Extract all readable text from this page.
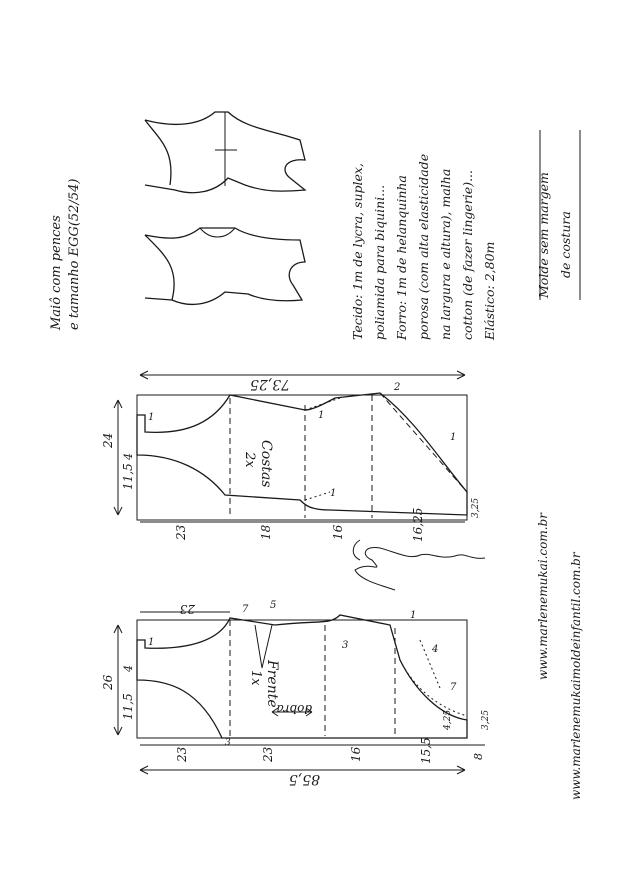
Maiô com pences e tamanho EGG(52/54)	Tecido: 1m de lycra, suplex, poliamida para biquini... Forro: 1m de helanquinha porosa (com alta elasticidade na largura e altura), malha cotton (de fazer lingerie)... Elástico: 2,80m	Molde sem margem de costura
Costas
2x
73,25
24
4
11,5
23	18	16	16,25	3,25
1	1
1
1
2
Frente
1x
dobra
23
26
4
11,5
23	23	16	15,5	8
3,25
4,25
85,5
1
1
3
3
5
7
7
4	www.marlenemukai.com.br www.marlenemukaimoldeinfantil.com.br
